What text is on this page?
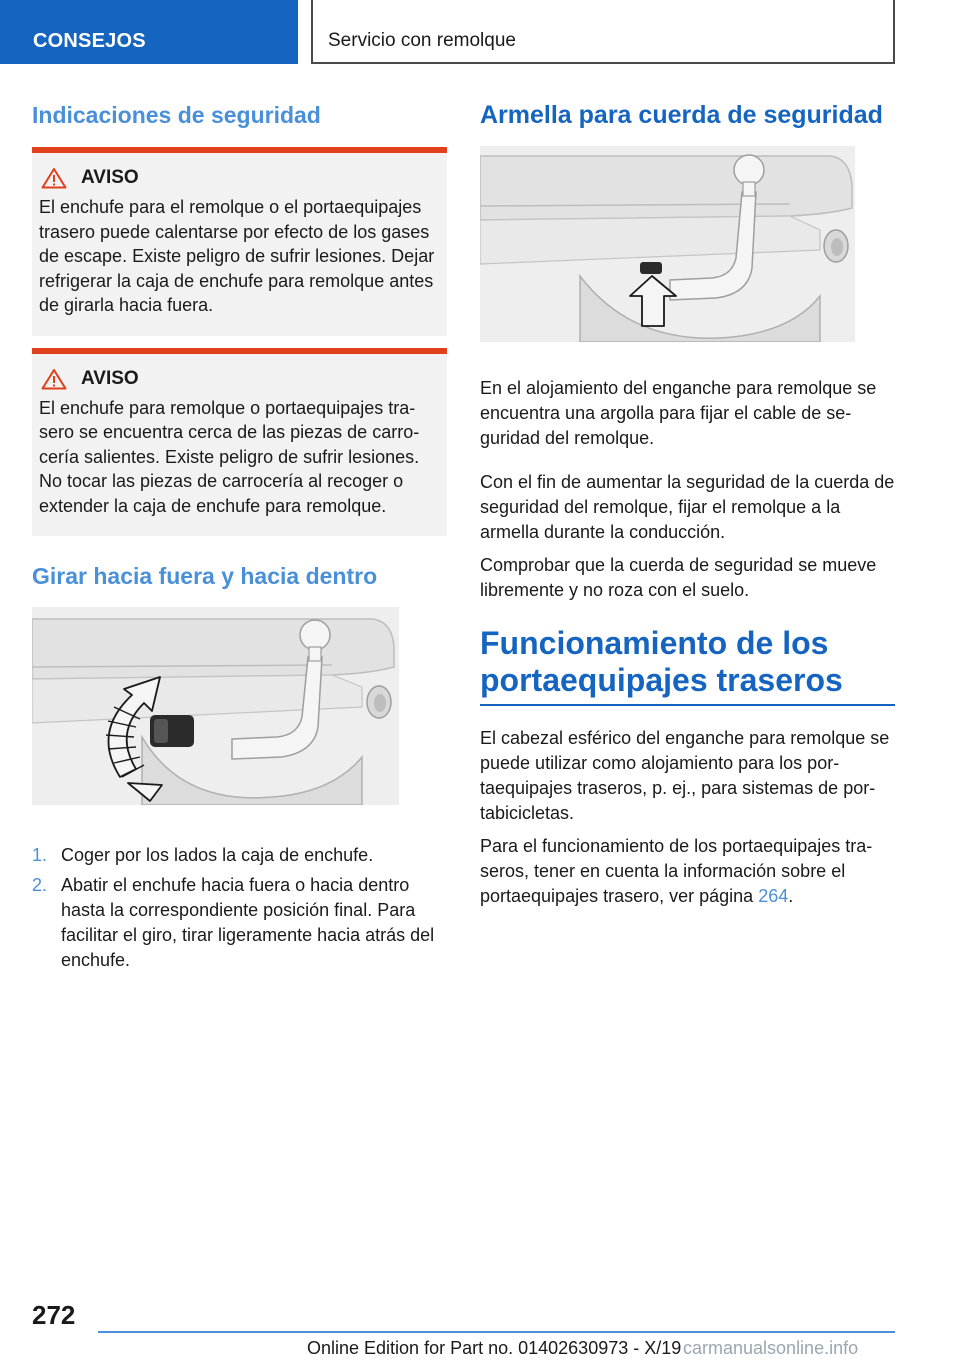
CONSEJOS	Servicio con remolque
Indicaciones de seguridad
AVISO

El enchufe para el remolque o el portaequipajes trasero puede calentarse por efecto de los gases de escape. Existe peligro de sufrir lesiones. Dejar refrigerar la caja de enchufe para remolque antes de girarla hacia fuera.

AVISO

El enchufe para remolque o portaequipajes trasero se encuentra cerca de las piezas de carrocería salientes. Existe peligro de sufrir lesiones. No tocar las piezas de carrocería al recoger o extender la caja de enchufe para remolque.

Girar hacia fuera y hacia dentro
1. Coger por los lados la caja de enchufe.
2. Abatir el enchufe hacia fuera o hacia dentro hasta la correspondiente posición final. Para facilitar el giro, tirar ligeramente hacia atrás del enchufe.
Armella para cuerda de seguridad

En el alojamiento del enganche para remolque se encuentra una argolla para fijar el cable de seguridad del remolque.

Con el fin de aumentar la seguridad de la cuerda de seguridad del remolque, fijar el remolque a la armella durante la conducción.

Comprobar que la cuerda de seguridad se mueve libremente y no roza con el suelo.

Funcionamiento de los portaequipajes traseros

El cabezal esférico del enganche para remolque se puede utilizar como alojamiento para los portaequipajes traseros, p. ej., para sistemas de portabicicletas.

Para el funcionamiento de los portaequipajes traseros, tener en cuenta la información sobre el portaequipajes trasero, ver página 264.

272
Online Edition for Part no. 01402630973 - X/19 carmanualsonline.info
